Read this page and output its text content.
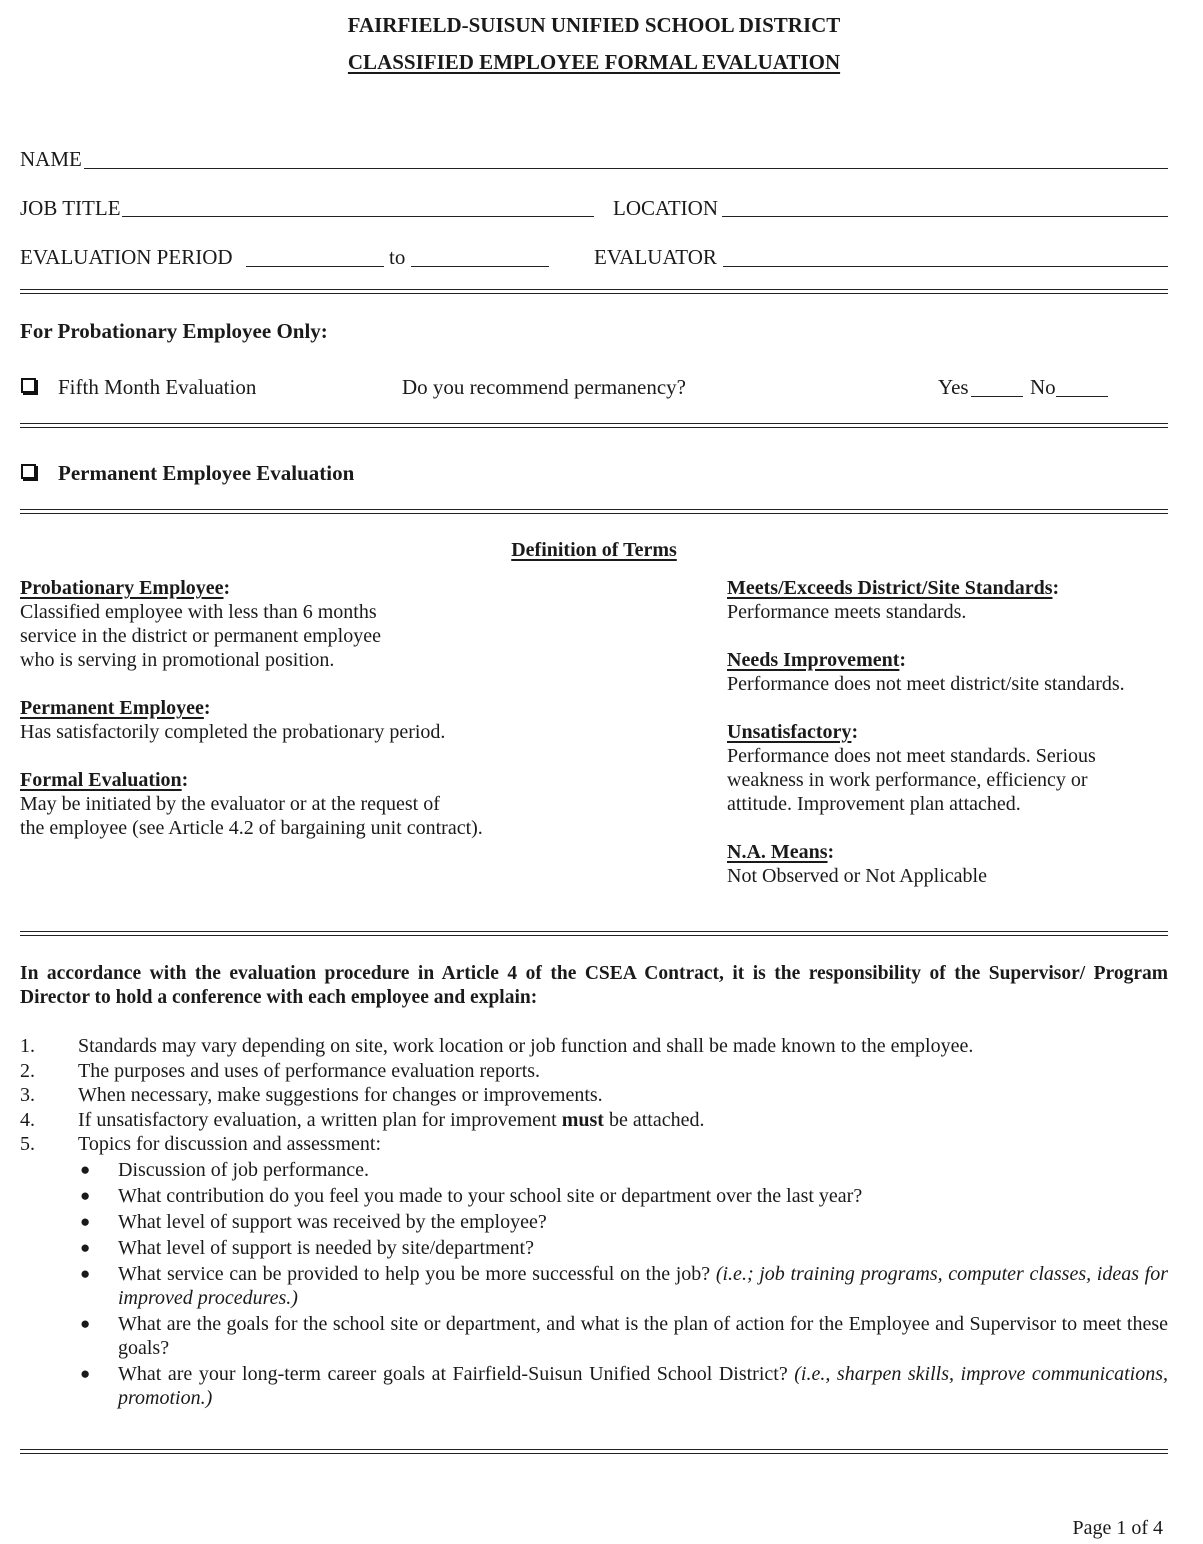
FAIRFIELD-SUISUN UNIFIED SCHOOL DISTRICT
CLASSIFIED EMPLOYEE FORMAL EVALUATION
NAME
JOB TITLE	LOCATION
EVALUATION PERIOD	to	EVALUATOR
For Probationary Employee Only:
Fifth Month Evaluation	Do you recommend permanency?	Yes	No
Permanent Employee Evaluation
Definition of Terms

Probationary Employee:

Classified employee with less than 6 months

service in the district or permanent employee

who is serving in promotional position.

Permanent Employee:

Has satisfactorily completed the probationary period.

Formal Evaluation:

May be initiated by the evaluator or at the request of

the employee (see Article 4.2 of bargaining unit contract).

Meets/Exceeds District/Site Standards:

Performance meets standards.

Needs Improvement:

Performance does not meet district/site standards.

Unsatisfactory:

Performance does not meet standards. Serious

weakness in work performance, efficiency or

attitude. Improvement plan attached.

N.A. Means:

Not Observed or Not Applicable

In accordance with the evaluation procedure in Article 4 of the CSEA Contract, it is the responsibility of the Supervisor/ Program Director to hold a conference with each employee and explain:
1.	Standards may vary depending on site, work location or job function and shall be made known to the employee.
2.	The purposes and uses of performance evaluation reports.
3.	When necessary, make suggestions for changes or improvements.
4.	If unsatisfactory evaluation, a written plan for improvement must be attached.
5.	Topics for discussion and assessment:
●	Discussion of job performance.
●	What contribution do you feel you made to your school site or department over the last year?
●	What level of support was received by the employee?
●	What level of support is needed by site/department?
●	What service can be provided to help you be more successful on the job? (i.e.; job training programs, computer classes, ideas for improved procedures.)
●	What are the goals for the school site or department, and what is the plan of action for the Employee and Supervisor to meet these goals?
●	What are your long-term career goals at Fairfield-Suisun Unified School District? (i.e., sharpen skills, improve communications, promotion.)
Page 1 of 4
